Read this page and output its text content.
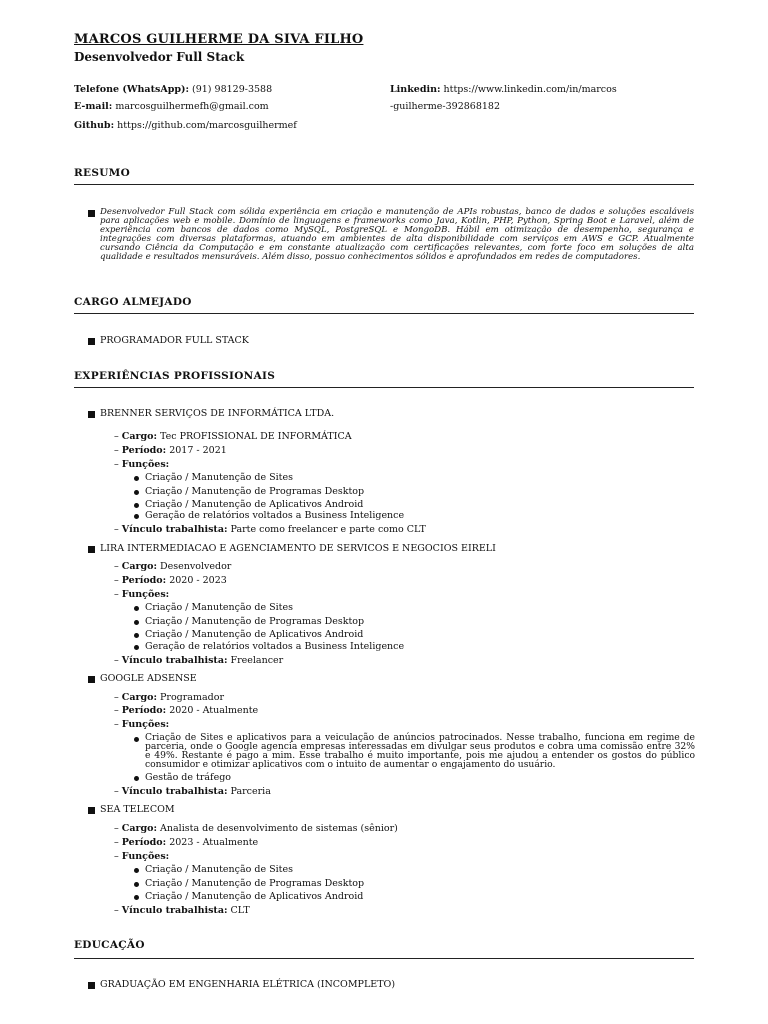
MARCOS GUILHERME DA SIVA FILHO
Desenvolvedor Full Stack
Telefone (WhatsApp): (91) 98129-3588
E-mail: marcosguilhermefh@gmail.com
Github: https://github.com/marcosguilhermef
Linkedin: https://www.linkedin.com/in/marcos
-guilherme-392868182
RESUMO
Desenvolvedor Full Stack com sólida experiência em criação e manutenção de APIs robustas, banco de dados e soluções escaláveis para aplicações web e mobile. Domínio de linguagens e frameworks como Java, Kotlin, PHP, Python, Spring Boot e Laravel, além de experiência com bancos de dados como MySQL, PostgreSQL e MongoDB. Hábil em otimização de desempenho, segurança e integrações com diversas plataformas, atuando em ambientes de alta disponibilidade com serviços em AWS e GCP. Atualmente cursando Ciência da Computação e em constante atualização com certificações relevantes, com forte foco em soluções de alta qualidade e resultados mensuráveis. Além disso, possuo conhecimentos sólidos e aprofundados em redes de computadores.
CARGO ALMEJADO
PROGRAMADOR FULL STACK
EXPERIÊNCIAS PROFISSIONAIS
BRENNER SERVIÇOS DE INFORMÁTICA LTDA.
– Cargo: Tec PROFISSIONAL DE INFORMÁTICA
– Período: 2017 - 2021
– Funções:
Criação / Manutenção de Sites
Criação / Manutenção de Programas Desktop
Criação / Manutenção de Aplicativos Android
Geração de relatórios voltados a Business Inteligence
– Vínculo trabalhista: Parte como freelancer e parte como CLT
LIRA INTERMEDIACAO E AGENCIAMENTO DE SERVICOS E NEGOCIOS EIRELI
– Cargo: Desenvolvedor
– Período: 2020 - 2023
– Funções:
Criação / Manutenção de Sites
Criação / Manutenção de Programas Desktop
Criação / Manutenção de Aplicativos Android
Geração de relatórios voltados a Business Inteligence
– Vínculo trabalhista: Freelancer
GOOGLE ADSENSE
– Cargo: Programador
– Período: 2020 - Atualmente
– Funções:
Criação de Sites e aplicativos para a veiculação de anúncios patrocinados. Nesse trabalho, funciona em regime de parceria, onde o Google agencia empresas interessadas em divulgar seus produtos e cobra uma comissão entre 32% e 49%. Restante é pago a mim. Esse trabalho é muito importante, pois me ajudou a entender os gostos do público consumidor e otimizar aplicativos com o intuito de aumentar o engajamento do usuário.
Gestão de tráfego
– Vínculo trabalhista: Parceria
SEA TELECOM
– Cargo: Analista de desenvolvimento de sistemas (sênior)
– Período: 2023 - Atualmente
– Funções:
Criação / Manutenção de Sites
Criação / Manutenção de Programas Desktop
Criação / Manutenção de Aplicativos Android
– Vínculo trabalhista: CLT
EDUCAÇÃO
GRADUAÇÃO EM ENGENHARIA ELÉTRICA (INCOMPLETO)
